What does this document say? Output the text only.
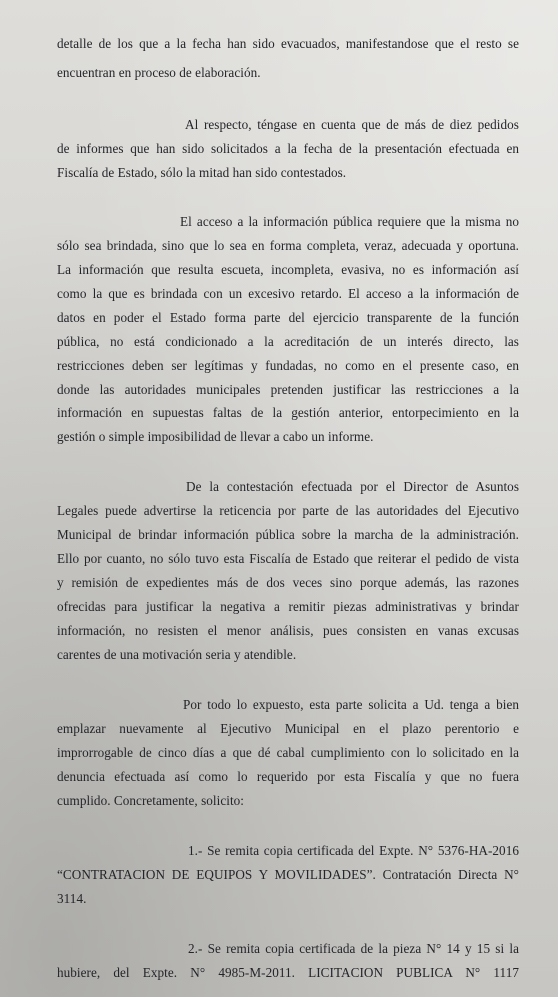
detalle de los que a la fecha han sido evacuados, manifestandose que el resto se
encuentran en proceso de elaboración.
Al respecto, téngase en cuenta que de más de diez pedidos
de informes que han sido solicitados a la fecha de la presentación efectuada en
Fiscalía de Estado, sólo la mitad han sido contestados.
El acceso a la información pública requiere que la misma no
sólo sea brindada, sino que lo sea en forma completa, veraz, adecuada y oportuna.
La información que resulta escueta, incompleta, evasiva, no es información así
como la que es brindada con un excesivo retardo. El acceso a la información de
datos en poder el Estado forma parte del ejercicio transparente de la función
pública, no está condicionado a la acreditación de un interés directo, las
restricciones deben ser legítimas y fundadas, no como en el presente caso, en
donde las autoridades municipales pretenden justificar las restricciones a la
información en supuestas faltas de la gestión anterior, entorpecimiento en la
gestión o simple imposibilidad de llevar a cabo un informe.
De la contestación efectuada por el Director de Asuntos
Legales puede advertirse la reticencia por parte de las autoridades del Ejecutivo
Municipal de brindar información pública sobre la marcha de la administración.
Ello por cuanto, no sólo tuvo esta Fiscalía de Estado que reiterar el pedido de vista
y remisión de expedientes más de dos veces sino porque además, las razones
ofrecidas para justificar la negativa a remitir piezas administrativas y brindar
información, no resisten el menor análisis, pues consisten en vanas excusas
carentes de una motivación seria y atendible.
Por todo lo expuesto, esta parte solicita a Ud. tenga a bien
emplazar nuevamente al Ejecutivo Municipal en el plazo perentorio e
improrrogable de cinco días a que dé cabal cumplimiento con lo solicitado en la
denuncia efectuada así como lo requerido por esta Fiscalía y que no fuera
cumplido. Concretamente, solicito:
1.- Se remita copia certificada del Expte. N° 5376-HA-2016
“CONTRATACION DE EQUIPOS Y MOVILIDADES”. Contratación Directa N°
3114.
2.- Se remita copia certificada de la pieza N° 14 y 15 si la
hubiere, del Expte. N° 4985-M-2011. LICITACION PUBLICA N° 1117
